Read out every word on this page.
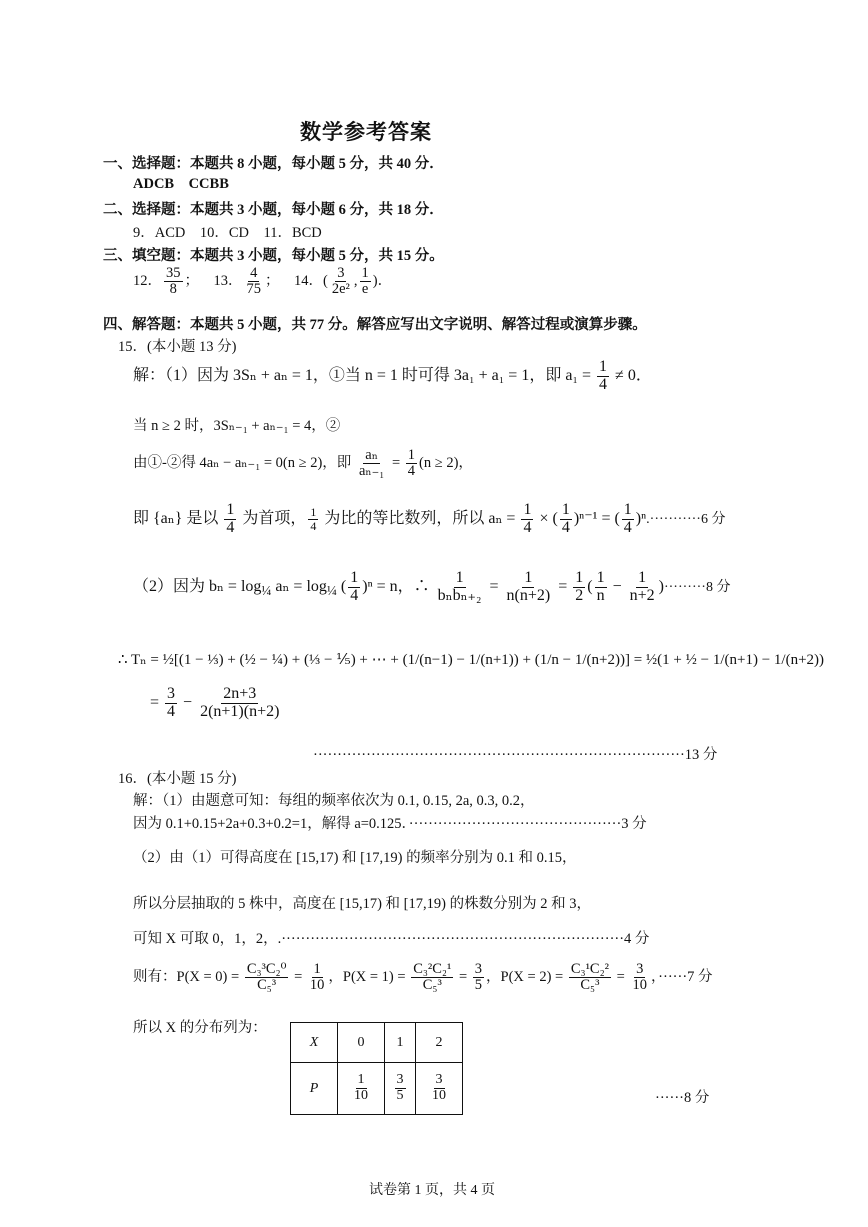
数学参考答案
一、选择题：本题共 8 小题，每小题 5 分，共 40 分．
ADCB    CCBB
二、选择题：本题共 3 小题，每小题 6 分，共 18 分．
9．ACD    10．CD    11．BCD
三、填空题：本题共 3 小题，每小题 5 分，共 15 分。
12． $\frac{35}{8}$ ； 13． $\frac{4}{75}$ ； 14．( $\frac{3}{\text{2e²}}$ , $\frac{1}{e}$ )．
四、解答题：本题共 5 小题，共 77 分。解答应写出文字说明、解答过程或演算步骤。
15．(本小题 13 分)
解：（1）因为 3Sₙ + aₙ = 1，①当 n = 1 时可得 3a₁ + a₁ = 1，即 $a_1 = \frac{1}{4} \ne 0$．
当 n ≥ 2 时，3Sₙ₋₁ + aₙ₋₁ = 4，②
由①-②得 4aₙ − aₙ₋₁ = 0(n ≥ 2)，即 $\frac{\text{aₙ}}{\text{aₙ₋₁}} = \frac{1}{4} (n \ge 2)$，
即 {aₙ} 是以 $\frac{1}{4}$ 为首项， $\frac{1}{4}$ 为比的等比数列，所以 $a_n = \frac{1}{4}$ × ( $\frac{1}{4} )^{n-1}$ = ( $\frac{1}{4} )^n.\cdot\cdot\cdot\cdot\cdot\cdot\cdot\cdot\cdot\cdot\cdot 6$ 分
（2）因为 $b_n = \log_{\frac{1}{4}} a_n = \log_{\frac{1}{4}}$ ( $\frac{1}{4} )^n = n$，∴ $\frac{1}{\text{bₙbₙ₊₂}} = \frac{1}{n(n+2)} = \frac{1}{2}$ ( $\frac{1}{n} - \frac{1}{n+2} )\cdot\cdot\cdot\cdot\cdot\cdot\cdot\cdot\cdot 8$ 分
∴ Tₙ = ½[(1 − ⅓) + (½ − ¼) + (⅓ − ⅕) + ⋯ + (1/(n−1) − 1/(n+1)) + (1/n − 1/(n+2))] = ½(1 + ½ − 1/(n+1) − 1/(n+2))
= $\frac{3}{4} - \frac{2n+3}{2(n+1)(n+2)}$
·············································································13 分
16．(本小题 15 分)
解：（1）由题意可知：每组的频率依次为 0.1, 0.15, 2a, 0.3, 0.2，
因为 0.1+0.15+2a+0.3+0.2=1，解得 a=0.125．············································3 分
（2）由（1）可得高度在 [15,17) 和 [17,19) 的频率分别为 0.1 和 0.15，
所以分层抽取的 5 株中，高度在 [15,17) 和 [17,19) 的株数分别为 2 和 3，
可知 X 可取 0，1，2，.·······································································4 分
则有：$P(X = 0) = \frac{\text{C₃³C₂⁰}}{\text{C₅³}} = \frac{1}{10}$ ，$P(X = 1) = \frac{\text{C₃²C₂¹}}{\text{C₅³}} = \frac{3}{5}$ ，$P(X = 2) = \frac{\text{C₃¹C₂²}}{\text{C₅³}} = \frac{3}{10}$ ，······7 分
所以 X 的分布列为：
X	0	1	2
P	$\frac{1}{10}$	$\frac{3}{5}$	$\frac{3}{10}$	······8 分
试卷第 1 页，共 4 页
